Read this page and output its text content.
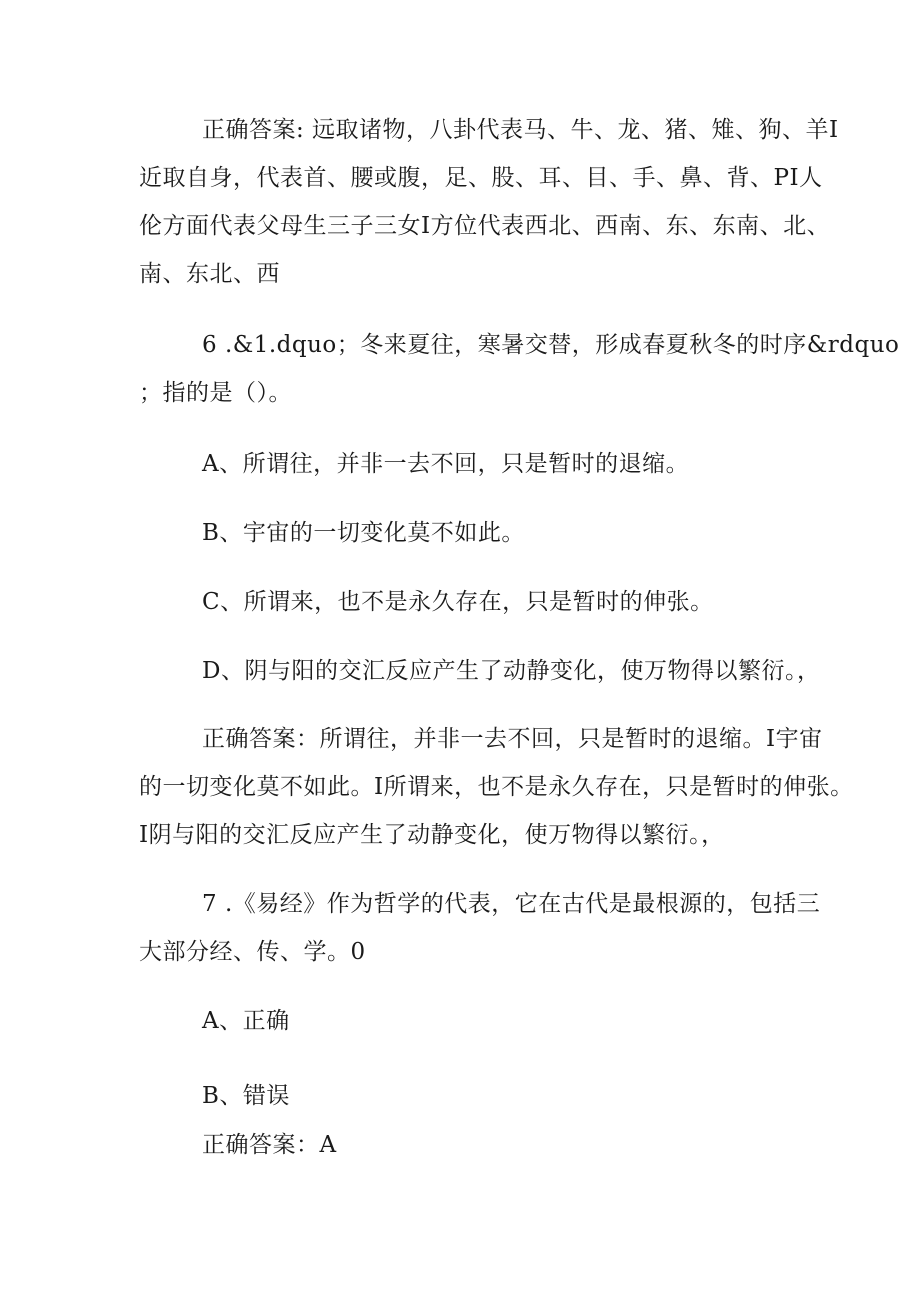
正确答案: 远取诸物，八卦代表马、牛、龙、猪、雉、狗、羊I
近取自身，代表首、腰或腹，足、股、耳、目、手、鼻、背、PI人
伦方面代表父母生三子三女I方位代表西北、西南、东、东南、北、
南、东北、西
6 .&1.dquo；冬来夏往，寒暑交替，形成春夏秋冬的时序&rdquo
；指的是（）。
A、所谓往，并非一去不回，只是暂时的退缩。
B、宇宙的一切变化莫不如此。
C、所谓来，也不是永久存在，只是暂时的伸张。
D、阴与阳的交汇反应产生了动静变化，使万物得以繁衍。，
正确答案：所谓往，并非一去不回，只是暂时的退缩。I宇宙
的一切变化莫不如此。I所谓来，也不是永久存在，只是暂时的伸张。
I阴与阳的交汇反应产生了动静变化，使万物得以繁衍。，
7 .《易经》作为哲学的代表，它在古代是最根源的，包括三
大部分经、传、学。0
A、正确
B、错误
正确答案：A
